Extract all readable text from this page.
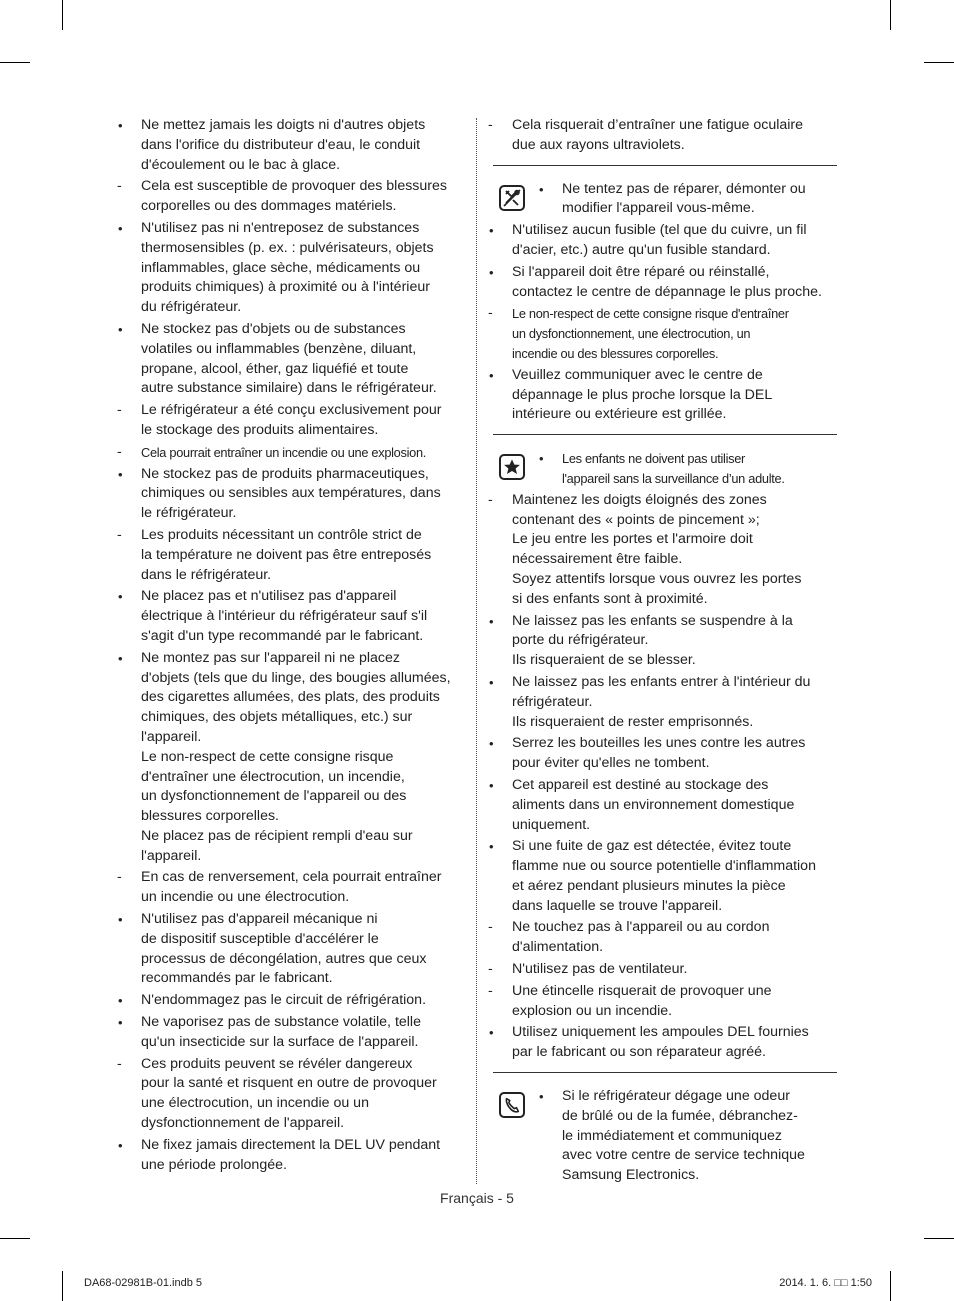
•	Ne mettez jamais les doigts ni d'autres objets
dans l'orifice du distributeur d'eau, le conduit
d'écoulement ou le bac à glace.
-	Cela est susceptible de provoquer des blessures
corporelles ou des dommages matériels.
•	N'utilisez pas ni n'entreposez de substances
thermosensibles (p. ex. : pulvérisateurs, objets
inflammables, glace sèche, médicaments ou
produits chimiques) à proximité ou à l'intérieur
du réfrigérateur.
•	Ne stockez pas d'objets ou de substances
volatiles ou inflammables (benzène, diluant,
propane, alcool, éther, gaz liquéfié et toute
autre substance similaire) dans le réfrigérateur.
-	Le réfrigérateur a été conçu exclusivement pour
le stockage des produits alimentaires.
-	Cela pourrait entraîner un incendie ou une explosion.
•	Ne stockez pas de produits pharmaceutiques,
chimiques ou sensibles aux températures, dans
le réfrigérateur.
-	Les produits nécessitant un contrôle strict de
la température ne doivent pas être entreposés
dans le réfrigérateur.
•	Ne placez pas et n'utilisez pas d'appareil
électrique à l'intérieur du réfrigérateur sauf s'il
s'agit d'un type recommandé par le fabricant.
•	Ne montez pas sur l'appareil ni ne placez
d'objets (tels que du linge, des bougies allumées,
des cigarettes allumées, des plats, des produits
chimiques, des objets métalliques, etc.) sur
l'appareil.
Le non-respect de cette consigne risque
d'entraîner une électrocution, un incendie,
un dysfonctionnement de l'appareil ou des
blessures corporelles.
Ne placez pas de récipient rempli d'eau sur
l'appareil.
-	En cas de renversement, cela pourrait entraîner
un incendie ou une électrocution.
•	N'utilisez pas d'appareil mécanique ni
de dispositif susceptible d'accélérer le
processus de décongélation, autres que ceux
recommandés par le fabricant.
•	N'endommagez pas le circuit de réfrigération.
•	Ne vaporisez pas de substance volatile, telle
qu'un insecticide sur la surface de l'appareil.
-	Ces produits peuvent se révéler dangereux
pour la santé et risquent en outre de provoquer
une électrocution, un incendie ou un
dysfonctionnement de l'appareil.
•	Ne fixez jamais directement la DEL UV pendant
une période prolongée.
-	Cela risquerait d’entraîner une fatigue oculaire
due aux rayons ultraviolets.
•	Ne tentez pas de réparer, démonter ou
modifier l'appareil vous-même.
•	N'utilisez aucun fusible (tel que du cuivre, un fil
d'acier, etc.) autre qu'un fusible standard.
•	Si l'appareil doit être réparé ou réinstallé,
contactez le centre de dépannage le plus proche.
-	Le non-respect de cette consigne risque d'entraîner
un dysfonctionnement, une électrocution, un
incendie ou des blessures corporelles.
•	Veuillez communiquer avec le centre de
dépannage le plus proche lorsque la DEL
intérieure ou extérieure est grillée.
•	Les enfants ne doivent pas utiliser
l'appareil sans la surveillance d’un adulte.
-	Maintenez les doigts éloignés des zones
contenant des « points de pincement »;
Le jeu entre les portes et l'armoire doit
nécessairement être faible.
Soyez attentifs lorsque vous ouvrez les portes
si des enfants sont à proximité.
•	Ne laissez pas les enfants se suspendre à la
porte du réfrigérateur.
Ils risqueraient de se blesser.
•	Ne laissez pas les enfants entrer à l'intérieur du
réfrigérateur.
Ils risqueraient de rester emprisonnés.
•	Serrez les bouteilles les unes contre les autres
pour éviter qu'elles ne tombent.
•	Cet appareil est destiné au stockage des
aliments dans un environnement domestique
uniquement.
•	Si une fuite de gaz est détectée, évitez toute
flamme nue ou source potentielle d'inflammation
et aérez pendant plusieurs minutes la pièce
dans laquelle se trouve l'appareil.
-	Ne touchez pas à l'appareil ou au cordon
d'alimentation.
-	N'utilisez pas de ventilateur.
-	Une étincelle risquerait de provoquer une
explosion ou un incendie.
•	Utilisez uniquement les ampoules DEL fournies
par le fabricant ou son réparateur agréé.
•	Si le réfrigérateur dégage une odeur
de brûlé ou de la fumée, débranchez-
le immédiatement et communiquez
avec votre centre de service technique
Samsung Electronics.
Français - 5
DA68-02981B-01.indb 5	2014. 1. 6. □□ 1:50
